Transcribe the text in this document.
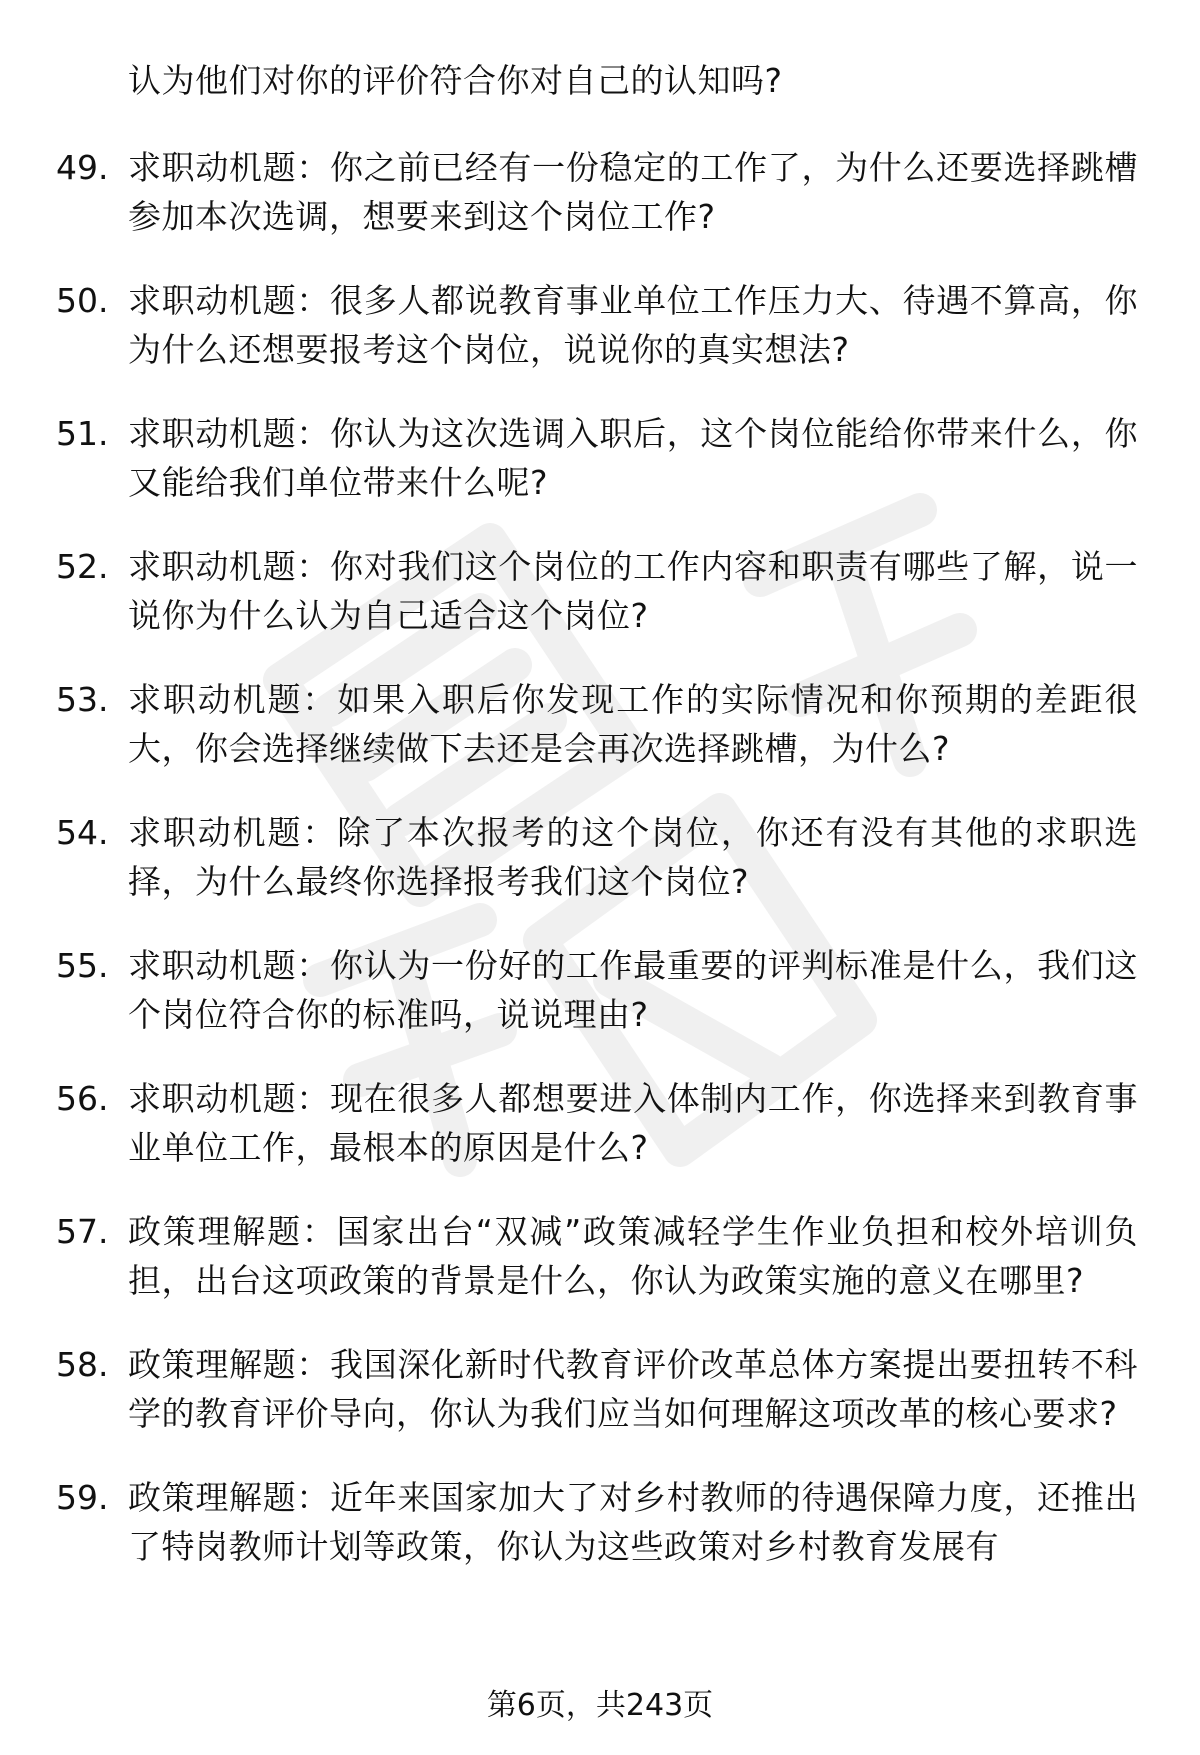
认为他们对你的评价符合你对自己的认知吗?
49. 求职动机题：你之前已经有一份稳定的工作了，为什么还要选择跳槽参加本次选调，想要来到这个岗位工作?
50. 求职动机题：很多人都说教育事业单位工作压力大、待遇不算高，你为什么还想要报考这个岗位，说说你的真实想法?
51. 求职动机题：你认为这次选调入职后，这个岗位能给你带来什么，你又能给我们单位带来什么呢?
52. 求职动机题：你对我们这个岗位的工作内容和职责有哪些了解，说一说你为什么认为自己适合这个岗位?
53. 求职动机题：如果入职后你发现工作的实际情况和你预期的差距很大，你会选择继续做下去还是会再次选择跳槽，为什么?
54. 求职动机题：除了本次报考的这个岗位，你还有没有其他的求职选择，为什么最终你选择报考我们这个岗位?
55. 求职动机题：你认为一份好的工作最重要的评判标准是什么，我们这个岗位符合你的标准吗，说说理由?
56. 求职动机题：现在很多人都想要进入体制内工作，你选择来到教育事业单位工作，最根本的原因是什么?
57. 政策理解题：国家出台“双减”政策减轻学生作业负担和校外培训负担，出台这项政策的背景是什么，你认为政策实施的意义在哪里?
58. 政策理解题：我国深化新时代教育评价改革总体方案提出要扭转不科学的教育评价导向，你认为我们应当如何理解这项改革的核心要求?
59. 政策理解题：近年来国家加大了对乡村教师的待遇保障力度，还推出了特岗教师计划等政策，你认为这些政策对乡村教育发展有
第6页，共243页
